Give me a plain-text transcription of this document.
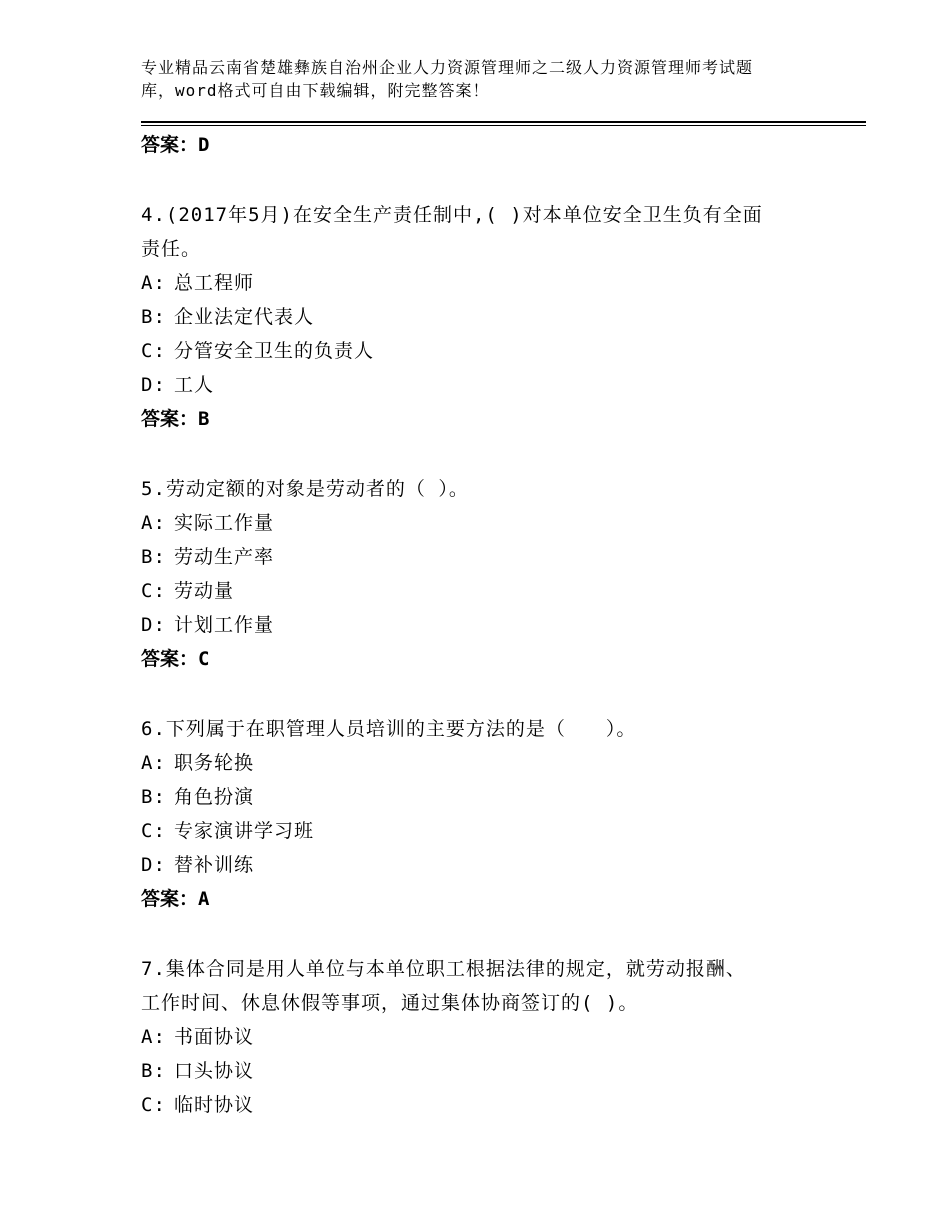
专业精品云南省楚雄彝族自治州企业人力资源管理师之二级人力资源管理师考试题
库，word格式可自由下载编辑，附完整答案！
答案：D
4.(2017年5月)在安全生产责任制中,( )对本单位安全卫生负有全面
责任。
A: 总工程师
B: 企业法定代表人
C: 分管安全卫生的负责人
D: 工人
答案：B
5.劳动定额的对象是劳动者的（ ）。
A: 实际工作量
B: 劳动生产率
C: 劳动量
D: 计划工作量
答案：C
6.下列属于在职管理人员培训的主要方法的是（　　）。
A: 职务轮换
B: 角色扮演
C: 专家演讲学习班
D: 替补训练
答案：A
7.集体合同是用人单位与本单位职工根据法律的规定，就劳动报酬、
工作时间、休息休假等事项，通过集体协商签订的( )。
A: 书面协议
B: 口头协议
C: 临时协议
